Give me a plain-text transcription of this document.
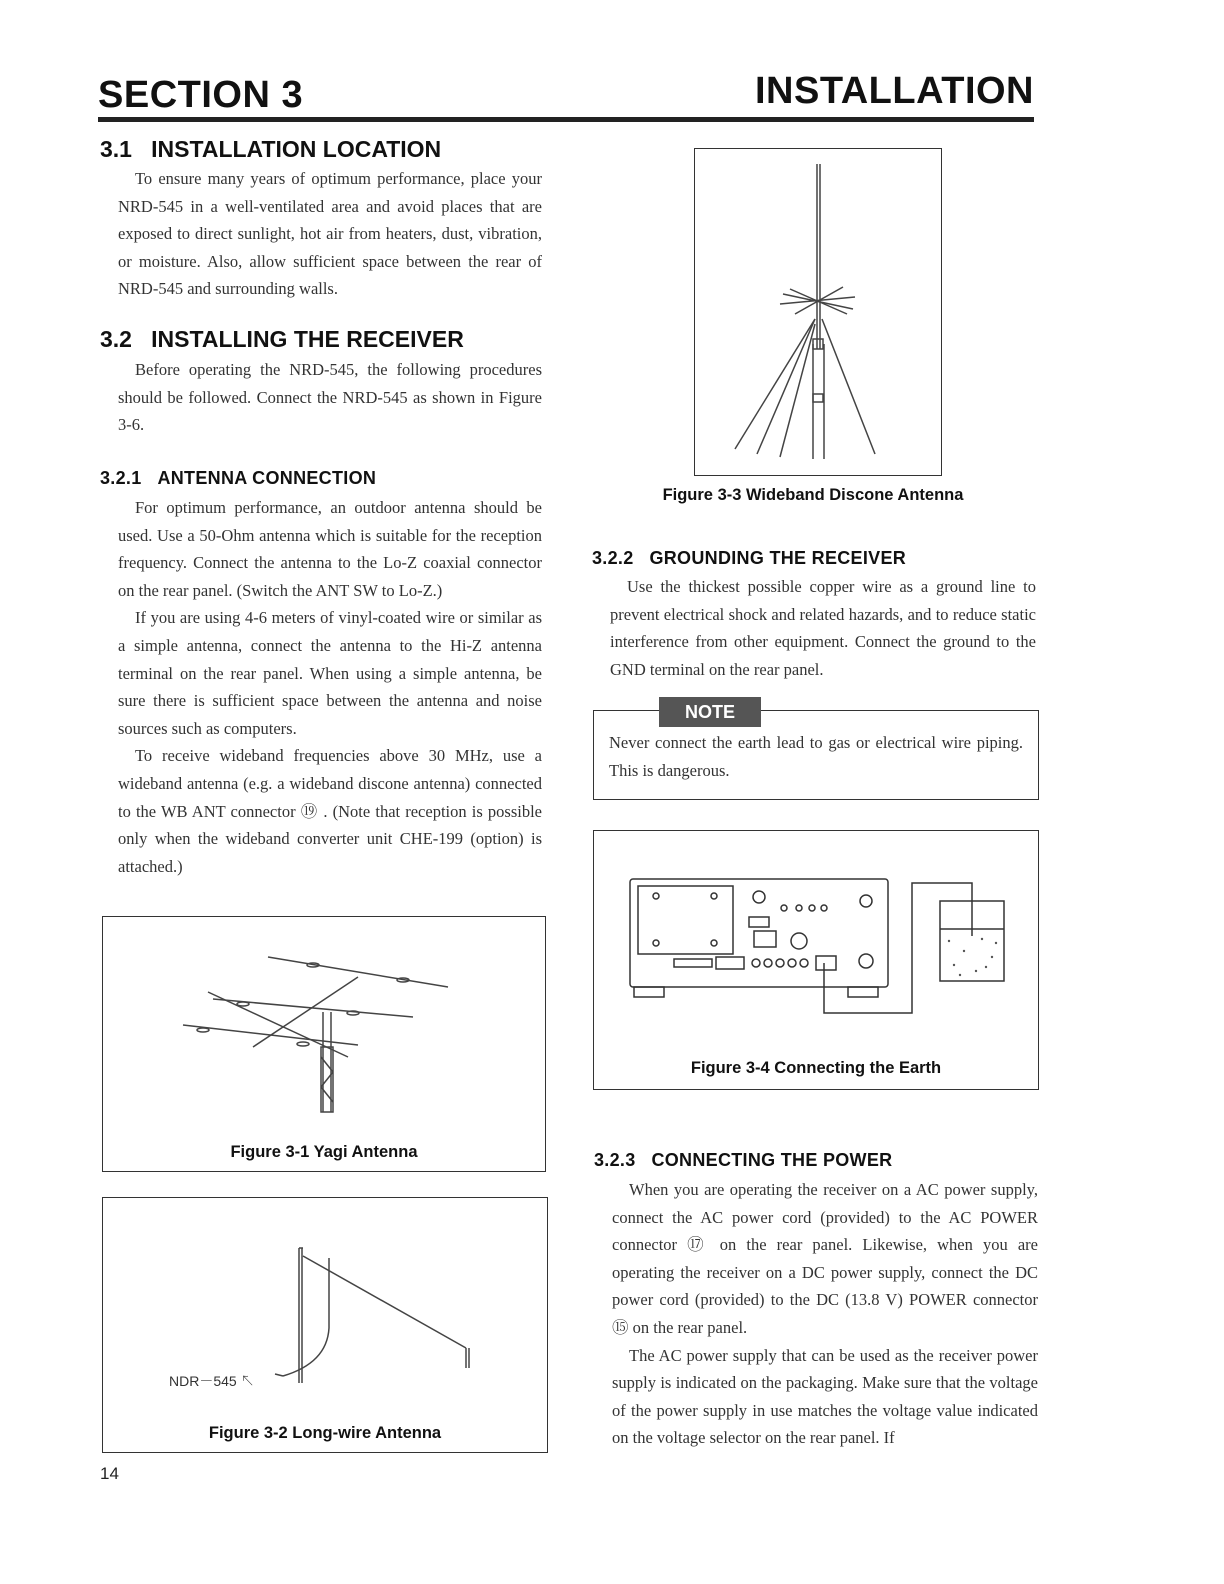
SECTION 3	INSTALLATION
3.1 INSTALLATION LOCATION

To ensure many years of optimum performance, place your NRD-545 in a well-ventilated area and avoid places that are exposed to direct sunlight, hot air from heaters, dust, vibration, or moisture. Also, allow sufficient space between the rear of NRD-545 and surrounding walls.

3.2 INSTALLING THE RECEIVER

Before operating the NRD-545, the following procedures should be followed. Connect the NRD-545 as shown in Figure 3-6.

3.2.1 ANTENNA CONNECTION

For optimum performance, an outdoor antenna should be used. Use a 50-Ohm antenna which is suitable for the reception frequency. Connect the antenna to the Lo-Z coaxial connector on the rear panel. (Switch the ANT SW to Lo-Z.)

If you are using 4-6 meters of vinyl-coated wire or similar as a simple antenna, connect the antenna to the Hi-Z antenna terminal on the rear panel. When using a simple antenna, be sure there is sufficient space between the antenna and noise sources such as computers.

To receive wideband frequencies above 30 MHz, use a wideband antenna (e.g. a wideband discone antenna) connected to the WB ANT connector ⑲ . (Note that reception is possible only when the wideband converter unit CHE-199 (option) is attached.)

Figure 3-1 Yagi Antenna
NDR－545 ↖
Figure 3-2 Long-wire Antenna
14
Figure 3-3 Wideband Discone Antenna
3.2.2 GROUNDING THE RECEIVER

Use the thickest possible copper wire as a ground line to prevent electrical shock and related hazards, and to reduce static interference from other equipment. Connect the ground to the GND terminal on the rear panel.

NOTE
Never connect the earth lead to gas or electrical wire piping. This is dangerous.
Figure 3-4 Connecting the Earth
3.2.3 CONNECTING THE POWER

When you are operating the receiver on a AC power supply, connect the AC power cord (provided) to the AC POWER connector ⑰ on the rear panel. Likewise, when you are operating the receiver on a DC power supply, connect the DC power cord (provided) to the DC (13.8 V) POWER connector ⑮ on the rear panel.

The AC power supply that can be used as the receiver power supply is indicated on the packaging. Make sure that the voltage of the power supply in use matches the voltage value indicated on the voltage selector on the rear panel. If
